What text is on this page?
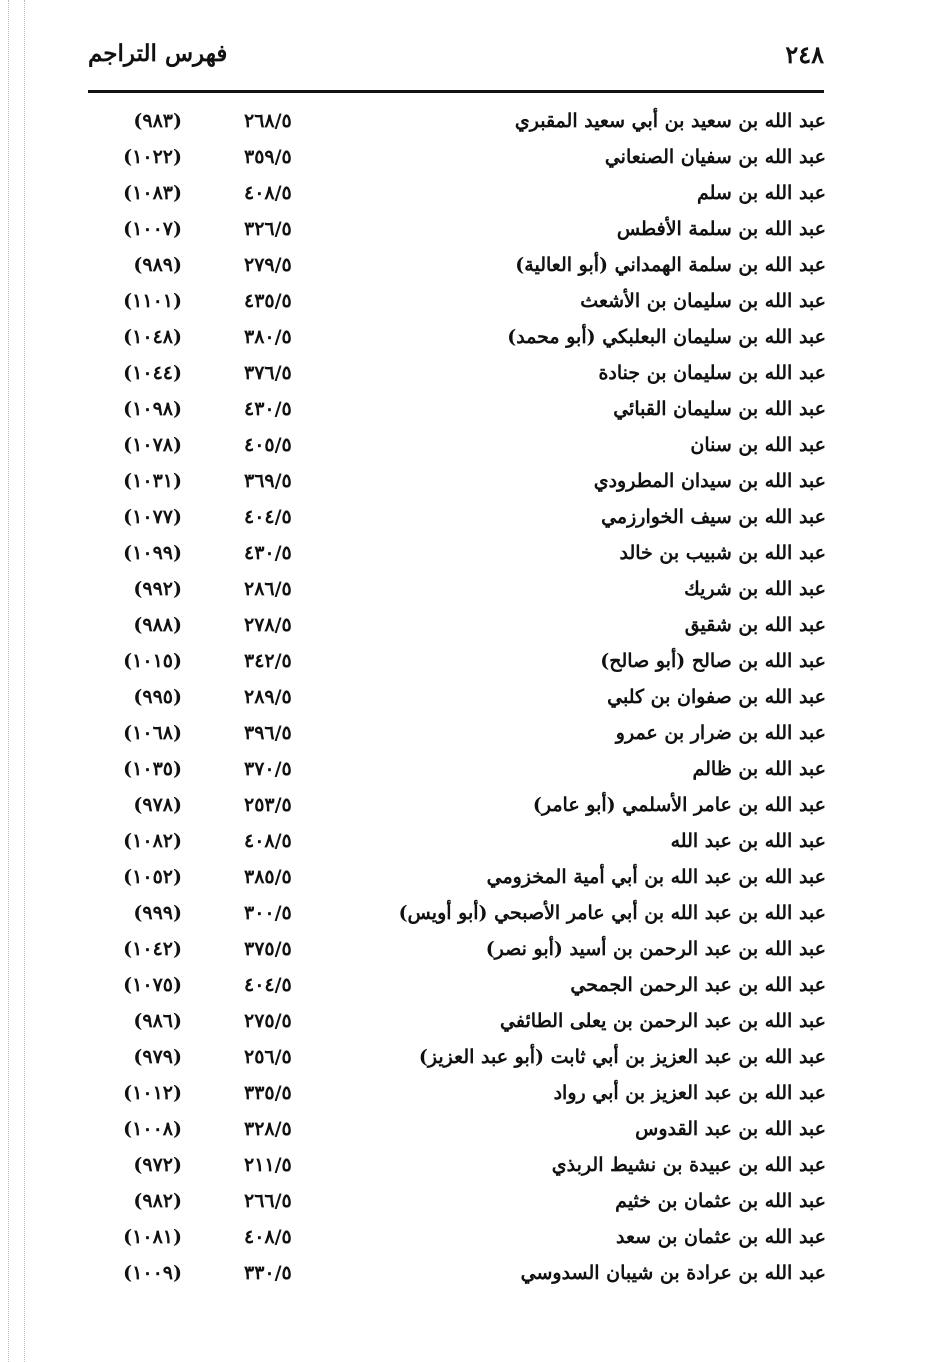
٢٤٨
فهرس التراجم
عبد الله بن سعيد بن أبي سعيد المقبري
٢٦٨/٥
(٩٨٣)
عبد الله بن سفيان الصنعاني
٣٥٩/٥
(١٠٢٢)
عبد الله بن سلم
٤٠٨/٥
(١٠٨٣)
عبد الله بن سلمة الأفطس
٣٢٦/٥
(١٠٠٧)
عبد الله بن سلمة الهمداني (أبو العالية)
٢٧٩/٥
(٩٨٩)
عبد الله بن سليمان بن الأشعث
٤٣٥/٥
(١١٠١)
عبد الله بن سليمان البعلبكي (أبو محمد)
٣٨٠/٥
(١٠٤٨)
عبد الله بن سليمان بن جنادة
٣٧٦/٥
(١٠٤٤)
عبد الله بن سليمان القبائي
٤٣٠/٥
(١٠٩٨)
عبد الله بن سنان
٤٠٥/٥
(١٠٧٨)
عبد الله بن سيدان المطرودي
٣٦٩/٥
(١٠٣١)
عبد الله بن سيف الخوارزمي
٤٠٤/٥
(١٠٧٧)
عبد الله بن شبيب بن خالد
٤٣٠/٥
(١٠٩٩)
عبد الله بن شريك
٢٨٦/٥
(٩٩٢)
عبد الله بن شقيق
٢٧٨/٥
(٩٨٨)
عبد الله بن صالح (أبو صالح)
٣٤٢/٥
(١٠١٥)
عبد الله بن صفوان بن كلبي
٢٨٩/٥
(٩٩٥)
عبد الله بن ضرار بن عمرو
٣٩٦/٥
(١٠٦٨)
عبد الله بن ظالم
٣٧٠/٥
(١٠٣٥)
عبد الله بن عامر الأسلمي (أبو عامر)
٢٥٣/٥
(٩٧٨)
عبد الله بن عبد الله
٤٠٨/٥
(١٠٨٢)
عبد الله بن عبد الله بن أبي أمية المخزومي
٣٨٥/٥
(١٠٥٢)
عبد الله بن عبد الله بن أبي عامر الأصبحي (أبو أويس)
٣٠٠/٥
(٩٩٩)
عبد الله بن عبد الرحمن بن أسيد (أبو نصر)
٣٧٥/٥
(١٠٤٢)
عبد الله بن عبد الرحمن الجمحي
٤٠٤/٥
(١٠٧٥)
عبد الله بن عبد الرحمن بن يعلى الطائفي
٢٧٥/٥
(٩٨٦)
عبد الله بن عبد العزيز بن أبي ثابت (أبو عبد العزيز)
٢٥٦/٥
(٩٧٩)
عبد الله بن عبد العزيز بن أبي رواد
٣٣٥/٥
(١٠١٢)
عبد الله بن عبد القدوس
٣٢٨/٥
(١٠٠٨)
عبد الله بن عبيدة بن نشيط الربذي
٢١١/٥
(٩٧٢)
عبد الله بن عثمان بن خثيم
٢٦٦/٥
(٩٨٢)
عبد الله بن عثمان بن سعد
٤٠٨/٥
(١٠٨١)
عبد الله بن عرادة بن شيبان السدوسي
٣٣٠/٥
(١٠٠٩)
